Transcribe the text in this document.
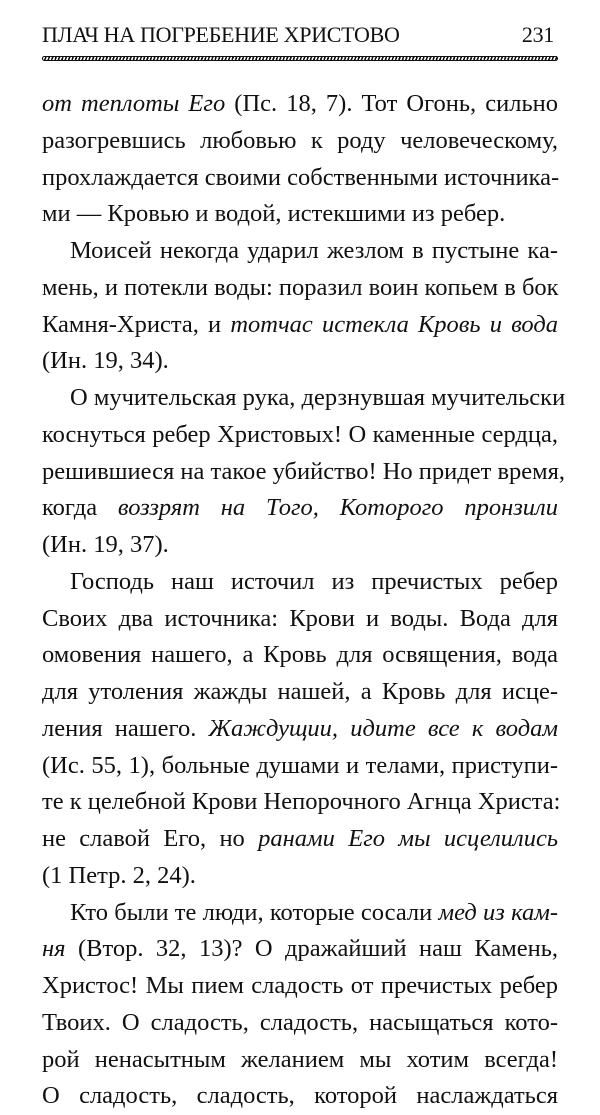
ПЛАЧ НА ПОГРЕБЕНИЕ ХРИСТОВО	231
от теплоты Его (Пс. 18, 7). Тот Огонь, сильно
разогревшись любовью к роду человеческому,
прохлаждается своими собственными источника-
ми — Кровью и водой, истекшими из ребер.
Моисей некогда ударил жезлом в пустыне ка-
мень, и потекли воды: поразил воин копьем в бок
Камня-Христа, и тотчас истекла Кровь и вода
(Ин. 19, 34).
О мучительская рука, дерзнувшая мучительски
коснуться ребер Христовых! О каменные сердца,
решившиеся на такое убийство! Но придет время,
когда воззрят на Того, Которого пронзили
(Ин. 19, 37).
Господь наш источил из пречистых ребер
Своих два источника: Крови и воды. Вода для
омовения нашего, а Кровь для освящения, вода
для утоления жажды нашей, а Кровь для исце-
ления нашего. Жаждущии, идите все к водам
(Ис. 55, 1), больные душами и телами, приступи-
те к целебной Крови Непорочного Агнца Христа:
не славой Его, но ранами Его мы исцелились
(1 Петр. 2, 24).
Кто были те люди, которые сосали мед из кам-
ня (Втор. 32, 13)? О дражайший наш Камень,
Христос! Мы пием сладость от пречистых ребер
Твоих. О сладость, сладость, насыщаться кото-
рой ненасытным желанием мы хотим всегда!
О сладость, сладость, которой наслаждаться
